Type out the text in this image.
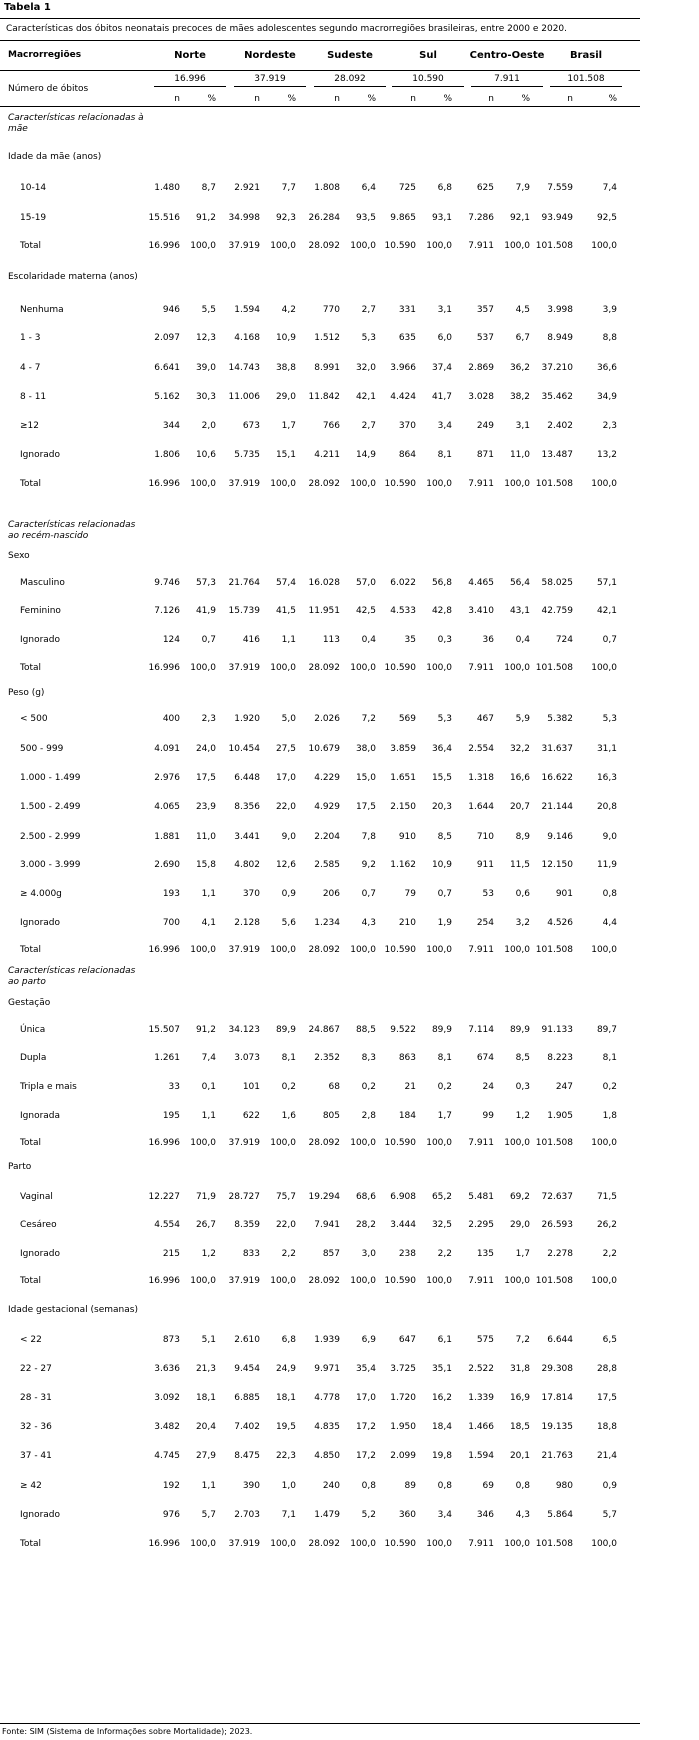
Tabela 1
Características dos óbitos neonatais precoces de mães adolescentes segundo macrorregiões brasileiras, entre 2000 e 2020.
Macrorregiões
Número de óbitos
Norte
16.996
n	%
Nordeste
37.919
n	%
Sudeste
28.092
n	%
Sul
10.590
n	%
Centro-Oeste
7.911
n	%
Brasil
101.508
n	%
Características relacionadas à mãe
Idade da mãe (anos)
10-14	1.480	8,7	2.921	7,7	1.808	6,4	725	6,8	625	7,9	7.559	7,4
15-19	15.516	91,2	34.998	92,3	26.284	93,5	9.865	93,1	7.286	92,1	93.949	92,5
Total	16.996	100,0	37.919	100,0	28.092	100,0 10.590	100,0	7.911	100,0 101.508	100,0
Escolaridade materna (anos)
Nenhuma	946	5,5	1.594	4,2	770	2,7	331	3,1	357	4,5	3.998	3,9
1 - 3	2.097	12,3	4.168	10,9	1.512	5,3	635	6,0	537	6,7	8.949	8,8
4 - 7	6.641	39,0	14.743	38,8	8.991	32,0	3.966	37,4	2.869	36,2	37.210	36,6
8 - 11	5.162	30,3	11.006	29,0	11.842	42,1	4.424	41,7	3.028	38,2	35.462	34,9
≥12	344	2,0	673	1,7	766	2,7	370	3,4	249	3,1	2.402	2,3
Ignorado	1.806	10,6	5.735	15,1	4.211	14,9	864	8,1	871	11,0	13.487	13,2
Total	16.996	100,0	37.919	100,0	28.092	100,0 10.590	100,0	7.911	100,0 101.508	100,0
Características relacionadas ao recém-nascido
Sexo
Masculino	9.746	57,3	21.764	57,4	16.028	57,0	6.022	56,8	4.465	56,4	58.025	57,1
Feminino	7.126	41,9	15.739	41,5	11.951	42,5	4.533	42,8	3.410	43,1	42.759	42,1
Ignorado	124	0,7	416	1,1	113	0,4	35	0,3	36	0,4	724	0,7
Total	16.996	100,0	37.919	100,0	28.092	100,0 10.590	100,0	7.911	100,0 101.508	100,0
Peso (g)
< 500	400	2,3	1.920	5,0	2.026	7,2	569	5,3	467	5,9	5.382	5,3
500 - 999	4.091	24,0	10.454	27,5	10.679	38,0	3.859	36,4	2.554	32,2	31.637	31,1
1.000 - 1.499	2.976	17,5	6.448	17,0	4.229	15,0	1.651	15,5	1.318	16,6	16.622	16,3
1.500 - 2.499	4.065	23,9	8.356	22,0	4.929	17,5	2.150	20,3	1.644	20,7	21.144	20,8
2.500 - 2.999	1.881	11,0	3.441	9,0	2.204	7,8	910	8,5	710	8,9	9.146	9,0
3.000 - 3.999	2.690	15,8	4.802	12,6	2.585	9,2	1.162	10,9	911	11,5	12.150	11,9
≥ 4.000g	193	1,1	370	0,9	206	0,7	79	0,7	53	0,6	901	0,8
Ignorado	700	4,1	2.128	5,6	1.234	4,3	210	1,9	254	3,2	4.526	4,4
Total	16.996	100,0	37.919	100,0	28.092	100,0 10.590	100,0	7.911	100,0 101.508	100,0
Características relacionadas ao parto
Gestação
Única	15.507	91,2	34.123	89,9	24.867	88,5	9.522	89,9	7.114	89,9	91.133	89,7
Dupla	1.261	7,4	3.073	8,1	2.352	8,3	863	8,1	674	8,5	8.223	8,1
Tripla e mais	33	0,1	101	0,2	68	0,2	21	0,2	24	0,3	247	0,2
Ignorada	195	1,1	622	1,6	805	2,8	184	1,7	99	1,2	1.905	1,8
Total	16.996	100,0	37.919	100,0	28.092	100,0 10.590	100,0	7.911	100,0 101.508	100,0
Parto
Vaginal	12.227	71,9	28.727	75,7	19.294	68,6	6.908	65,2	5.481	69,2	72.637	71,5
Cesáreo	4.554	26,7	8.359	22,0	7.941	28,2	3.444	32,5	2.295	29,0	26.593	26,2
Ignorado	215	1,2	833	2,2	857	3,0	238	2,2	135	1,7	2.278	2,2
Total	16.996	100,0	37.919	100,0	28.092	100,0 10.590	100,0	7.911	100,0 101.508	100,0
Idade gestacional (semanas)
< 22	873	5,1	2.610	6,8	1.939	6,9	647	6,1	575	7,2	6.644	6,5
22 - 27	3.636	21,3	9.454	24,9	9.971	35,4	3.725	35,1	2.522	31,8	29.308	28,8
28 - 31	3.092	18,1	6.885	18,1	4.778	17,0	1.720	16,2	1.339	16,9	17.814	17,5
32 - 36	3.482	20,4	7.402	19,5	4.835	17,2	1.950	18,4	1.466	18,5	19.135	18,8
37 - 41	4.745	27,9	8.475	22,3	4.850	17,2	2.099	19,8	1.594	20,1	21.763	21,4
≥ 42	192	1,1	390	1,0	240	0,8	89	0,8	69	0,8	980	0,9
Ignorado	976	5,7	2.703	7,1	1.479	5,2	360	3,4	346	4,3	5.864	5,7
Total	16.996	100,0	37.919	100,0	28.092	100,0 10.590	100,0	7.911	100,0 101.508	100,0
Fonte: SIM (Sistema de Informações sobre Mortalidade); 2023.
